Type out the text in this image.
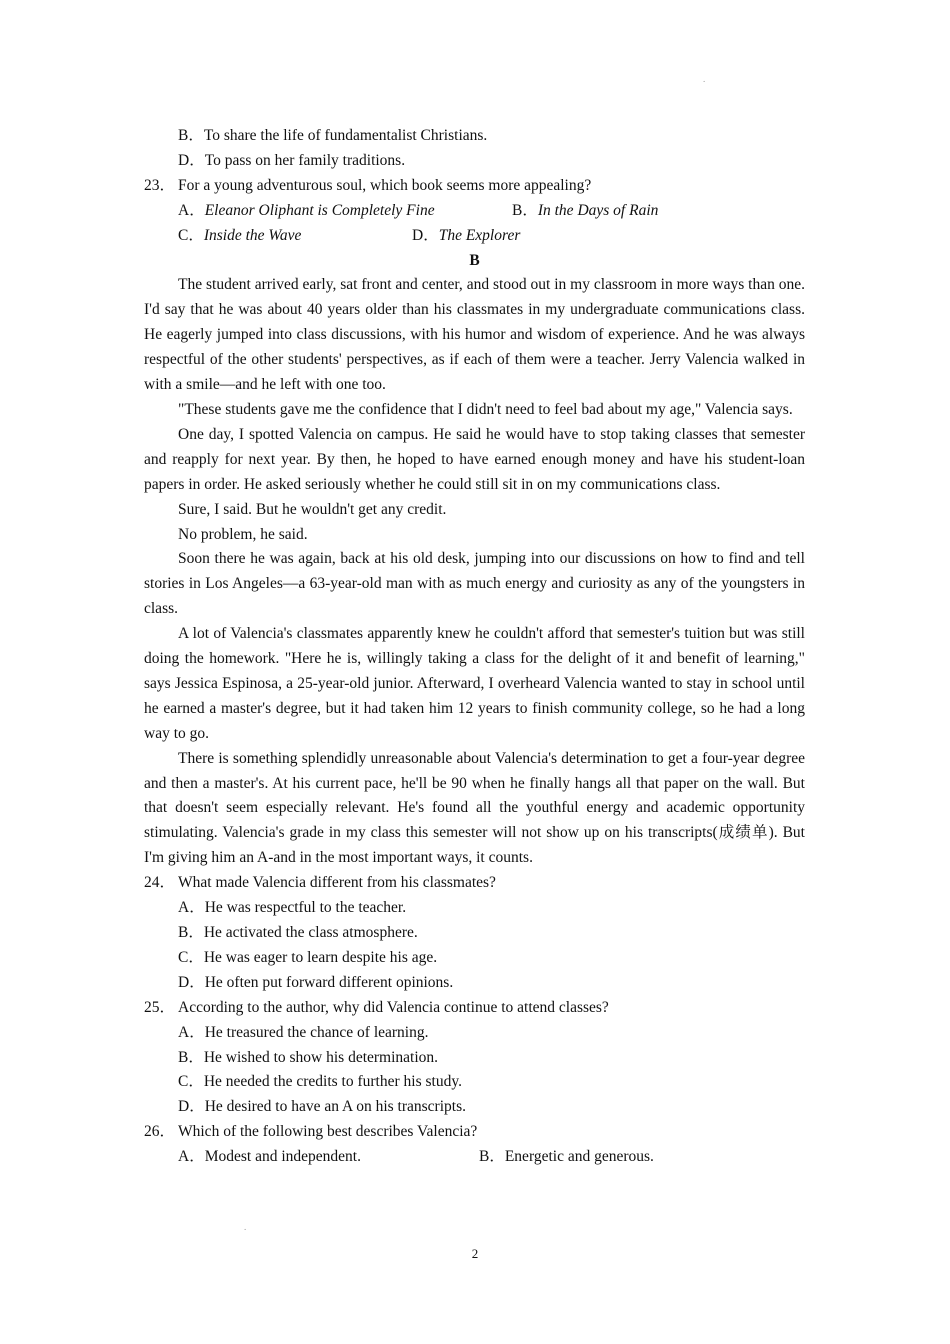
.
.
B．To share the life of fundamentalist Christians.
D．To pass on her family traditions.
23． For a young adventurous soul, which book seems more appealing?
A．Eleanor Oliphant is Completely Fine	B．In the Days of Rain
C．Inside the Wave	D．The Explorer
B
The student arrived early, sat front and center, and stood out in my classroom in more ways than one. I'd say that he was about 40 years older than his classmates in my undergraduate communications class. He eagerly jumped into class discussions, with his humor and wisdom of experience. And he was always respectful of the other students' perspectives, as if each of them were a teacher. Jerry Valencia walked in with a smile—and he left with one too.
"These students gave me the confidence that I didn't need to feel bad about my age," Valencia says.
One day, I spotted Valencia on campus. He said he would have to stop taking classes that semester and reapply for next year. By then, he hoped to have earned enough money and have his student-loan papers in order. He asked seriously whether he could still sit in on my communications class.
Sure, I said. But he wouldn't get any credit.
No problem, he said.
Soon there he was again, back at his old desk, jumping into our discussions on how to find and tell stories in Los Angeles—a 63-year-old man with as much energy and curiosity as any of the youngsters in class.
A lot of Valencia's classmates apparently knew he couldn't afford that semester's tuition but was still doing the homework. "Here he is, willingly taking a class for the delight of it and benefit of learning," says Jessica Espinosa, a 25-year-old junior. Afterward, I overheard Valencia wanted to stay in school until he earned a master's degree, but it had taken him 12 years to finish community college, so he had a long way to go.
There is something splendidly unreasonable about Valencia's determination to get a four-year degree and then a master's. At his current pace, he'll be 90 when he finally hangs all that paper on the wall. But that doesn't seem especially relevant. He's found all the youthful energy and academic opportunity stimulating. Valencia's grade in my class this semester will not show up on his transcripts(成绩单). But I'm giving him an A-and in the most important ways, it counts.
24． What made Valencia different from his classmates?
A．He was respectful to the teacher.
B．He activated the class atmosphere.
C．He was eager to learn despite his age.
D．He often put forward different opinions.
25． According to the author, why did Valencia continue to attend classes?
A．He treasured the chance of learning.
B．He wished to show his determination.
C．He needed the credits to further his study.
D．He desired to have an A on his transcripts.
26． Which of the following best describes Valencia?
A．Modest and independent.	B．Energetic and generous.
2
